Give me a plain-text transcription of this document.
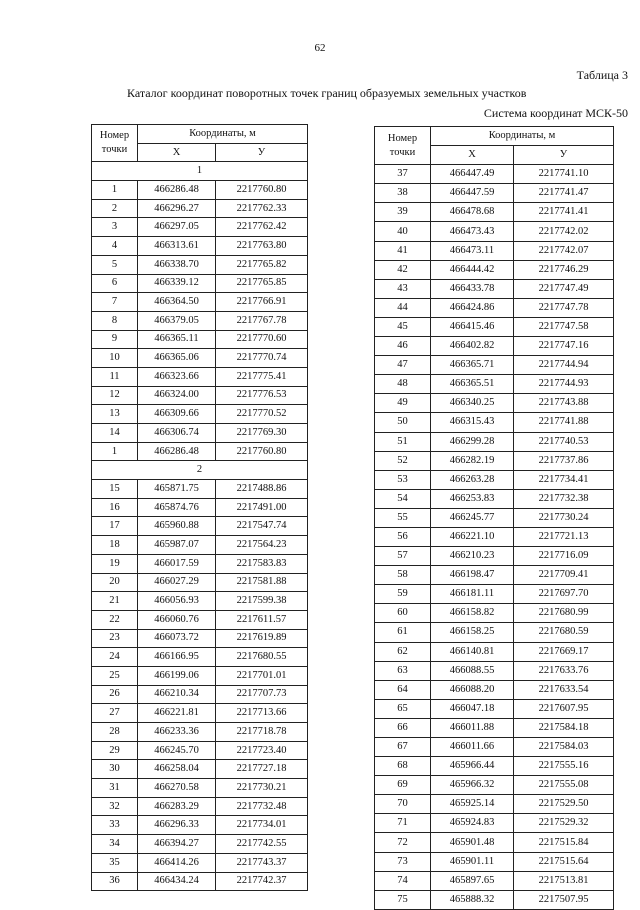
62
Таблица 3
Каталог координат поворотных точек границ образуемых земельных участков
Система координат МСК-50
Номер
точки	Координаты, м	
	Х	У
1		
1	466286.48	2217760.80
2	466296.27	2217762.33
3	466297.05	2217762.42
4	466313.61	2217763.80
5	466338.70	2217765.82
6	466339.12	2217765.85
7	466364.50	2217766.91
8	466379.05	2217767.78
9	466365.11	2217770.60
10	466365.06	2217770.74
11	466323.66	2217775.41
12	466324.00	2217776.53
13	466309.66	2217770.52
14	466306.74	2217769.30
1	466286.48	2217760.80
2		
15	465871.75	2217488.86
16	465874.76	2217491.00
17	465960.88	2217547.74
18	465987.07	2217564.23
19	466017.59	2217583.83
20	466027.29	2217581.88
21	466056.93	2217599.38
22	466060.76	2217611.57
23	466073.72	2217619.89
24	466166.95	2217680.55
25	466199.06	2217701.01
26	466210.34	2217707.73
27	466221.81	2217713.66
28	466233.36	2217718.78
29	466245.70	2217723.40
30	466258.04	2217727.18
31	466270.58	2217730.21
32	466283.29	2217732.48
33	466296.33	2217734.01
34	466394.27	2217742.55
35	466414.26	2217743.37
36	466434.24	2217742.37
Номер
точки	Координаты, м	
	Х	У
37	466447.49	2217741.10
38	466447.59	2217741.47
39	466478.68	2217741.41
40	466473.43	2217742.02
41	466473.11	2217742.07
42	466444.42	2217746.29
43	466433.78	2217747.49
44	466424.86	2217747.78
45	466415.46	2217747.58
46	466402.82	2217747.16
47	466365.71	2217744.94
48	466365.51	2217744.93
49	466340.25	2217743.88
50	466315.43	2217741.88
51	466299.28	2217740.53
52	466282.19	2217737.86
53	466263.28	2217734.41
54	466253.83	2217732.38
55	466245.77	2217730.24
56	466221.10	2217721.13
57	466210.23	2217716.09
58	466198.47	2217709.41
59	466181.11	2217697.70
60	466158.82	2217680.99
61	466158.25	2217680.59
62	466140.81	2217669.17
63	466088.55	2217633.76
64	466088.20	2217633.54
65	466047.18	2217607.95
66	466011.88	2217584.18
67	466011.66	2217584.03
68	465966.44	2217555.16
69	465966.32	2217555.08
70	465925.14	2217529.50
71	465924.83	2217529.32
72	465901.48	2217515.84
73	465901.11	2217515.64
74	465897.65	2217513.81
75	465888.32	2217507.95
